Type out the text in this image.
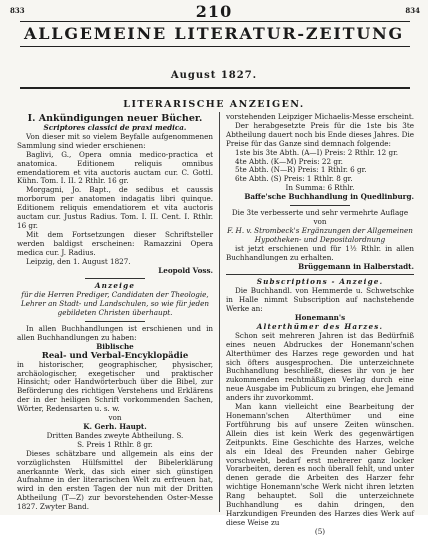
833	210	834
ALLGEMEINE LITERATUR-ZEITUNG
August 1827.
LITERARISCHE ANZEIGEN.

I. Ankündigungen neuer Bücher.

Scriptores classici de praxi medica.

Von dieser mit so vielem Beyfalle aufgenommenen Sammlung sind wieder erschienen:

Baglivi, G., Opera omnia medico-practica et anatomica. Editionem reliquis omnibus emendatiorem et vita auctoris auctam cur. C. Gottl. Kühn. Tom. I. II. 2 Rthlr. 16 gr.

Morgagni, Jo. Bapt., de sedibus et caussis morborum per anatomen indagatis libri quinque. Editionem reliquis emendatiorem et vita auctoris auctam cur. Justus Radius. Tom. I. II. Cent. I. Rthlr. 16 gr.

Mit dem Fortsetzungen dieser Schriftsteller werden baldigst erscheinen: Ramazzini Opera medica cur. J. Radius.

Leipzig, den 1. August 1827.

Leopold Voss.

Anzeige

für die Herren Prediger, Candidaten der Theologie, Lehrer an Stadt- und Landschulen, so wie für jeden gebildeten Christen überhaupt.

In allen Buchhandlungen ist erschienen und in allen Buchhandlungen zu haben:

Biblische

Real- und Verbal-Encyklopädie

in historischer, geographischer, physischer, archäologischer, exegetischer und praktischer Hinsicht; oder Handwörterbuch über die Bibel, zur Beförderung des richtigen Verstehens und Erklärens der in der heiligen Schrift vorkommenden Sachen, Wörter, Redensarten u. s. w.

von

K. Gerh. Haupt.

Dritten Bandes zweyte Abtheilung. S.

S. Preis 1 Rthlr. 8 gr.

Dieses schätzbare und allgemein als eins der vorzüglichsten Hülfsmittel der Bibelerklärung anerkannte Werk, das sich einer sich günstigen Aufnahme in der literarischen Welt zu erfreuen hat, wird in den ersten Tagen der nun mit der Dritten Abtheilung (T—Z) zur bevorstehenden Oster-Messe 1827. Zwyter Band.

vorstehenden Leipziger Michaelis-Messe erscheint.

Der herabgesetzte Preis für die 1ste bis 3te Abtheilung dauert noch bis Ende dieses Jahres. Die Preise für das Ganze sind demnach folgende:

1ste bis 3te Abth. (A—I) Preis: 2 Rthlr. 12 gr.

4te Abth. (K—M) Preis: 22 gr.

5te Abth. (N—R) Preis: 1 Rthlr. 6 gr.

6te Abth. (S) Preis: 1 Rthlr. 8 gr.

In Summa: 6 Rthlr.

Baffe'sche Buchhandlung in Quedlinburg.

Die 3te verbesserte und sehr vermehrte Auflage von

F. H. v. Strombeck's Ergänzungen der Allgemeinen Hypotheken- und Depositalordnung

ist jetzt erschienen und für 1½ Rthlr. in allen Buchhandlungen zu erhalten.

Brüggemann in Halberstadt.

Subscriptions - Anzeige.

Die Buchhandl. von Hemmerde u. Schwetschke in Halle nimmt Subscription auf nachstehende Werke an:

Honemann's

Alterthümer des Harzes.

Schon seit mehreren Jahren ist das Bedürfniß eines neuen Abdruckes der Honemann'schen Alterthümer des Harzes rege geworden und hat sich öfters ausgesprochen. Die unterzeichnete Buchhandlung beschließt, dieses ihr von je her zukommenden rechtmäßigen Verlag durch eine neue Ausgabe im Publicum zu bringen, ehe Jemand anders ihr zuvorkommt.

Man kann vielleicht eine Bearbeitung der Honemann'schen Alterthümer und eine Fortführung bis auf unsere Zeiten wünschen. Allein dies ist kein Werk des gegenwärtigen Zeitpunkts. Eine Geschichte des Harzes, welche als ein Ideal des Freunden naher Gebirge vorschwebt, bedarf erst mehrerer ganz locker Vorarbeiten, deren es noch überall fehlt, und unter denen gerade die Arbeiten des Harzer fehr wichtige Honemann'sche Werk nicht ihren letzten Rang behauptet. Soll die unterzeichnete Buchhandlung es dahin dringen, den Harzkundigen Freunden des Harzes dies Werk auf diese Weise zu

(5)
